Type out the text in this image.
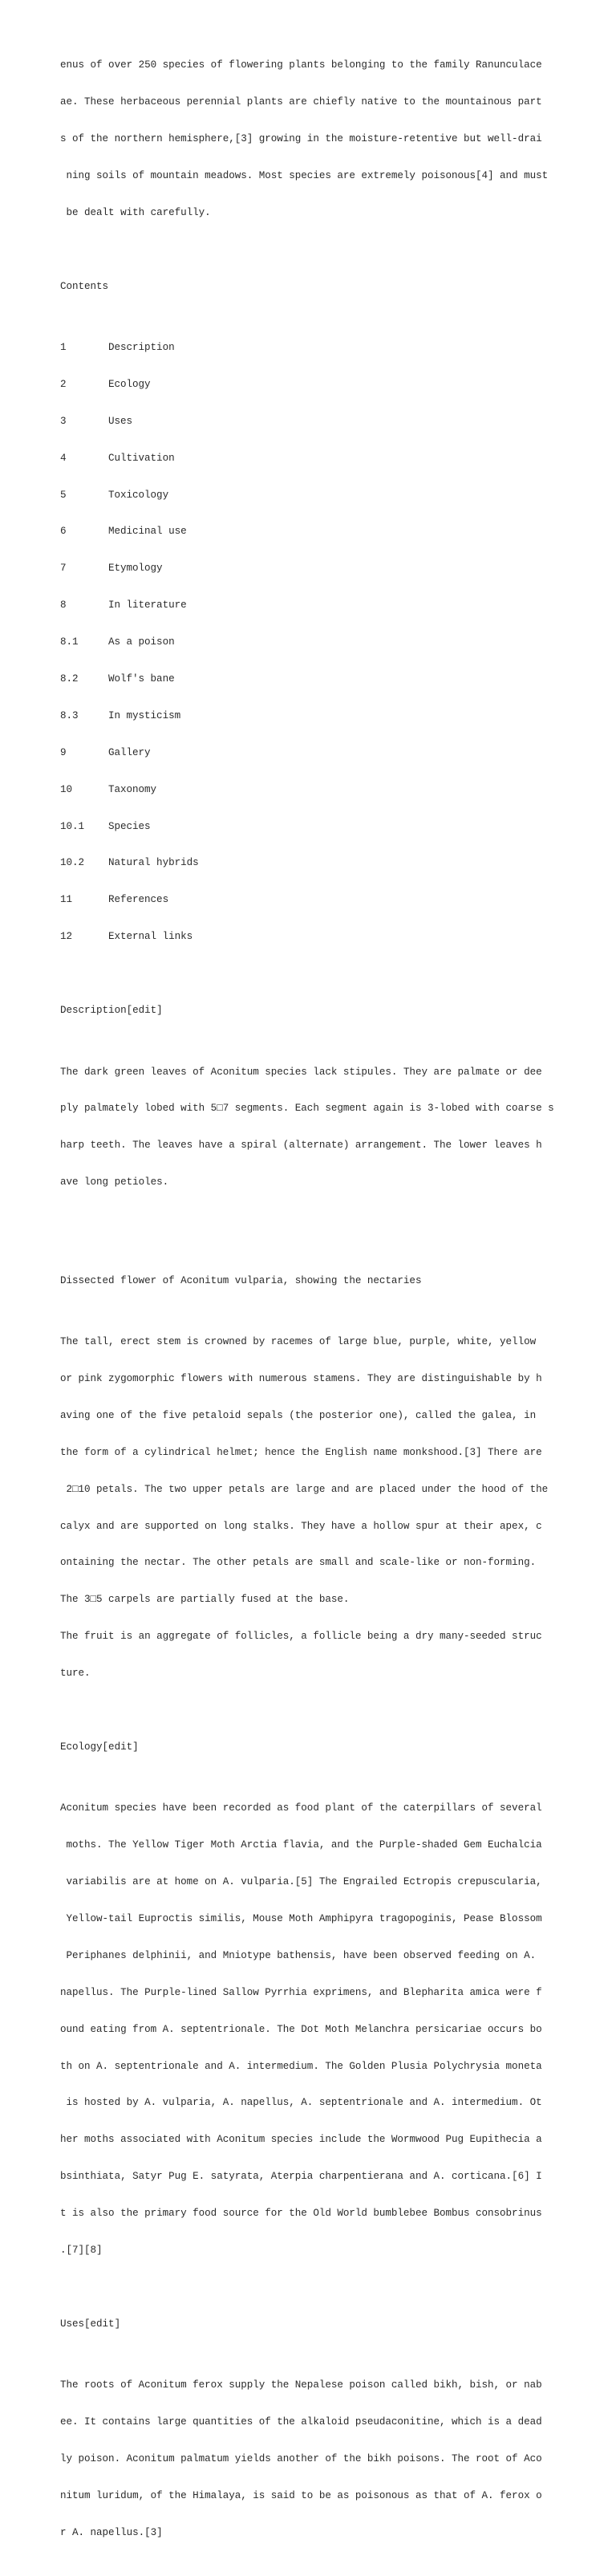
enus of over 250 species of flowering plants belonging to the family Ranunculace

ae. These herbaceous perennial plants are chiefly native to the mountainous part

s of the northern hemisphere,[3] growing in the moisture-retentive but well-drai

ning soils of mountain meadows. Most species are extremely poisonous[4] and must

be dealt with carefully.

Contents

1	Description

2	Ecology

3	Uses

4	Cultivation

5	Toxicology

6	Medicinal use

7	Etymology

8	In literature

8.1	As a poison

8.2	Wolf's bane

8.3	In mysticism

9	Gallery

10	Taxonomy

10.1	Species

10.2	Natural hybrids

11	References

12	External links

Description[edit]

The dark green leaves of Aconitum species lack stipules. They are palmate or dee

ply palmately lobed with 5□7 segments. Each segment again is 3-lobed with coarse s

harp teeth. The leaves have a spiral (alternate) arrangement. The lower leaves h

ave long petioles.

Dissected flower of Aconitum vulparia, showing the nectaries

The tall, erect stem is crowned by racemes of large blue, purple, white, yellow

or pink zygomorphic flowers with numerous stamens. They are distinguishable by h

aving one of the five petaloid sepals (the posterior one), called the galea, in

the form of a cylindrical helmet; hence the English name monkshood.[3] There are

2□10 petals. The two upper petals are large and are placed under the hood of the

calyx and are supported on long stalks. They have a hollow spur at their apex, c

ontaining the nectar. The other petals are small and scale-like or non-forming.

The 3□5 carpels are partially fused at the base.

The fruit is an aggregate of follicles, a follicle being a dry many-seeded struc

ture.

Ecology[edit]

Aconitum species have been recorded as food plant of the caterpillars of several

moths. The Yellow Tiger Moth Arctia flavia, and the Purple-shaded Gem Euchalcia

variabilis are at home on A. vulparia.[5] The Engrailed Ectropis crepuscularia,

Yellow-tail Euproctis similis, Mouse Moth Amphipyra tragopoginis, Pease Blossom

Periphanes delphinii, and Mniotype bathensis, have been observed feeding on A.

napellus. The Purple-lined Sallow Pyrrhia exprimens, and Blepharita amica were f

ound eating from A. septentrionale. The Dot Moth Melanchra persicariae occurs bo

th on A. septentrionale and A. intermedium. The Golden Plusia Polychrysia moneta

is hosted by A. vulparia, A. napellus, A. septentrionale and A. intermedium. Ot

her moths associated with Aconitum species include the Wormwood Pug Eupithecia a

bsinthiata, Satyr Pug E. satyrata, Aterpia charpentierana and A. corticana.[6] I

t is also the primary food source for the Old World bumblebee Bombus consobrinus

.[7][8]

Uses[edit]

The roots of Aconitum ferox supply the Nepalese poison called bikh, bish, or nab

ee. It contains large quantities of the alkaloid pseudaconitine, which is a dead

ly poison. Aconitum palmatum yields another of the bikh poisons. The root of Aco

nitum luridum, of the Himalaya, is said to be as poisonous as that of A. ferox o

r A. napellus.[3]
